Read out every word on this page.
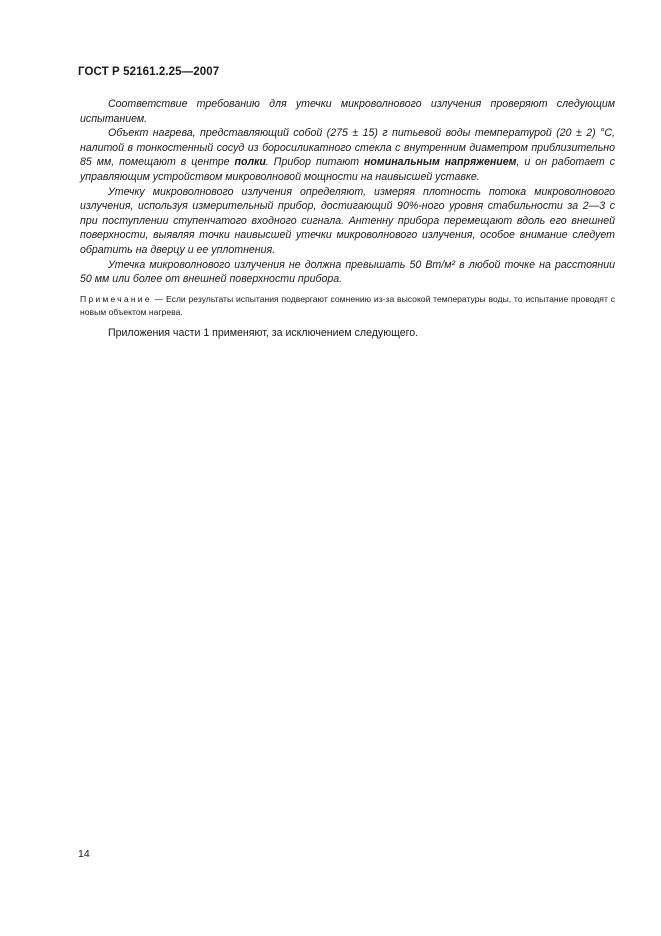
ГОСТ Р 52161.2.25—2007

Соответствие требованию для утечки микроволнового излучения проверяют следующим испытанием.

Объект нагрева, представляющий собой (275 ± 15) г питьевой воды температурой (20 ± 2) °С, налитой в тонкостенный сосуд из боросиликатного стекла с внутренним диаметром приблизительно 85 мм, помещают в центре полки. Прибор питают номинальным напряжением, и он работает с управляющим устройством микроволновой мощности на наивысшей уставке.

Утечку микроволнового излучения определяют, измеряя плотность потока микроволнового излучения, используя измерительный прибор, достигающий 90%-ного уровня стабильности за 2—3 с при поступлении ступенчатого входного сигнала. Антенну прибора перемещают вдоль его внешней поверхности, выявляя точки наивысшей утечки микроволнового излучения, особое внимание следует обратить на дверцу и ее уплотнения.

Утечка микроволнового излучения не должна превышать 50 Вт/м² в любой точке на расстоянии 50 мм или более от внешней поверхности прибора.

Примечание — Если результаты испытания подвергают сомнению из-за высокой температуры воды, то испытание проводят с новым объектом нагрева.

Приложения части 1 применяют, за исключением следующего.

14
